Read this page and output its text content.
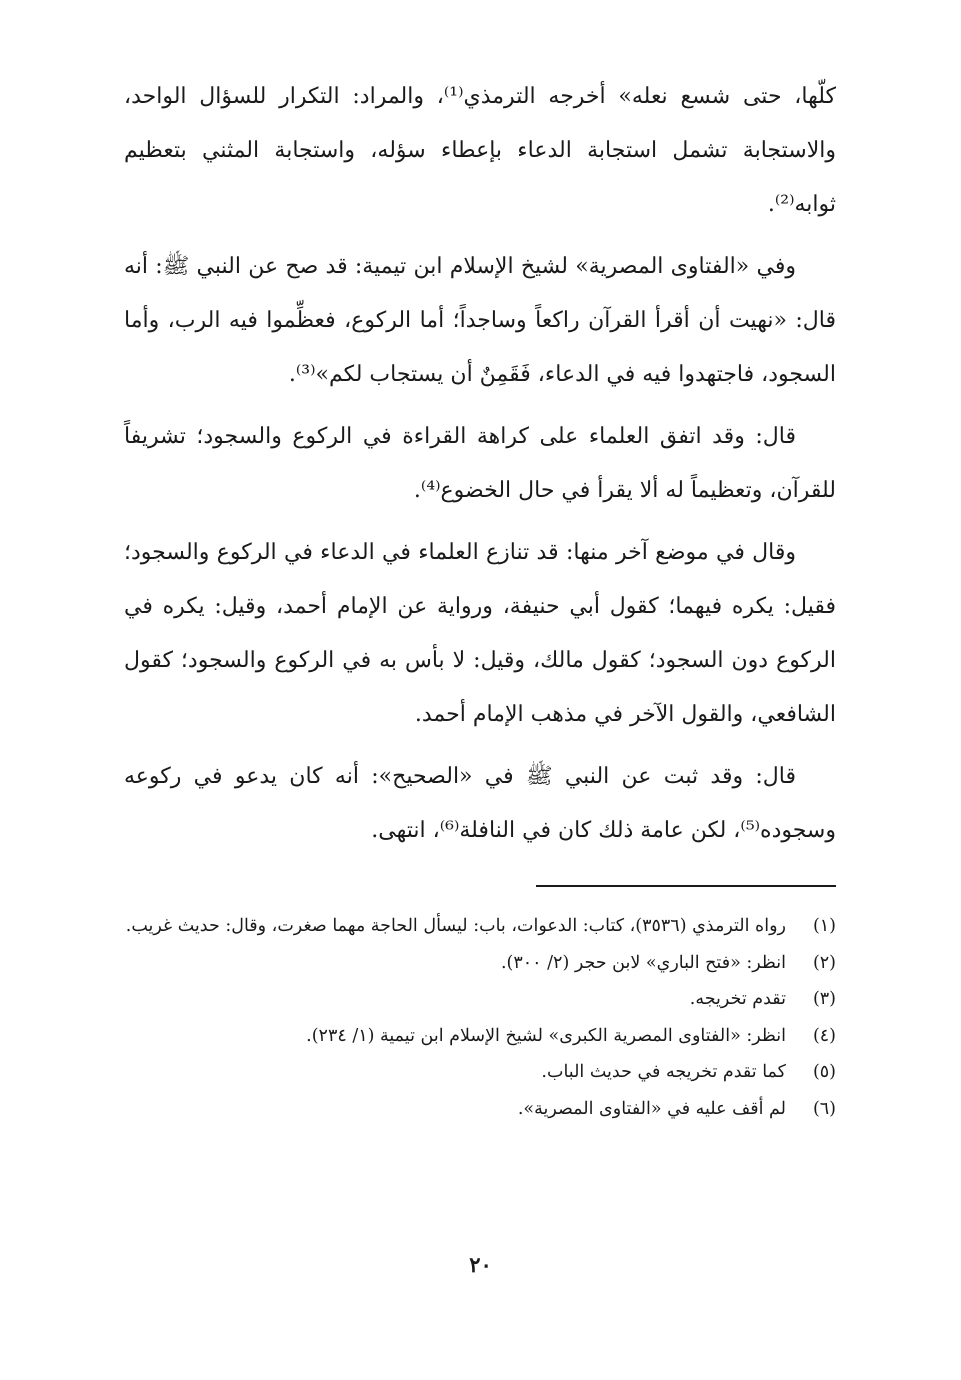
كلّها، حتى شسع نعله» أخرجه الترمذي⁽¹⁾، والمراد: التكرار للسؤال الواحد، والاستجابة تشمل استجابة الدعاء بإعطاء سؤله، واستجابة المثني بتعظيم ثوابه⁽²⁾.

وفي «الفتاوى المصرية» لشيخ الإسلام ابن تيمية: قد صح عن النبي ﷺ: أنه قال: «نهيت أن أقرأ القرآن راكعاً وساجداً؛ أما الركوع، فعظِّموا فيه الرب، وأما السجود، فاجتهدوا فيه في الدعاء، فَقَمِنٌ أن يستجاب لكم»⁽³⁾.

قال: وقد اتفق العلماء على كراهة القراءة في الركوع والسجود؛ تشريفاً للقرآن، وتعظيماً له ألا يقرأ في حال الخضوع⁽⁴⁾.

وقال في موضع آخر منها: قد تنازع العلماء في الدعاء في الركوع والسجود؛ فقيل: يكره فيهما؛ كقول أبي حنيفة، ورواية عن الإمام أحمد، وقيل: يكره في الركوع دون السجود؛ كقول مالك، وقيل: لا بأس به في الركوع والسجود؛ كقول الشافعي، والقول الآخر في مذهب الإمام أحمد.

قال: وقد ثبت عن النبي ﷺ في «الصحيح»: أنه كان يدعو في ركوعه وسجوده⁽⁵⁾، لكن عامة ذلك كان في النافلة⁽⁶⁾، انتهى.

(١)
رواه الترمذي (٣٥٣٦)، كتاب: الدعوات، باب: ليسأل الحاجة مهما صغرت، وقال: حديث غريب.
(٢)
انظر: «فتح الباري» لابن حجر (٢/ ٣٠٠).
(٣)
تقدم تخريجه.
(٤)
انظر: «الفتاوى المصرية الكبرى» لشيخ الإسلام ابن تيمية (١/ ٢٣٤).
(٥)
كما تقدم تخريجه في حديث الباب.
(٦)
لم أقف عليه في «الفتاوى المصرية».
٢٠
